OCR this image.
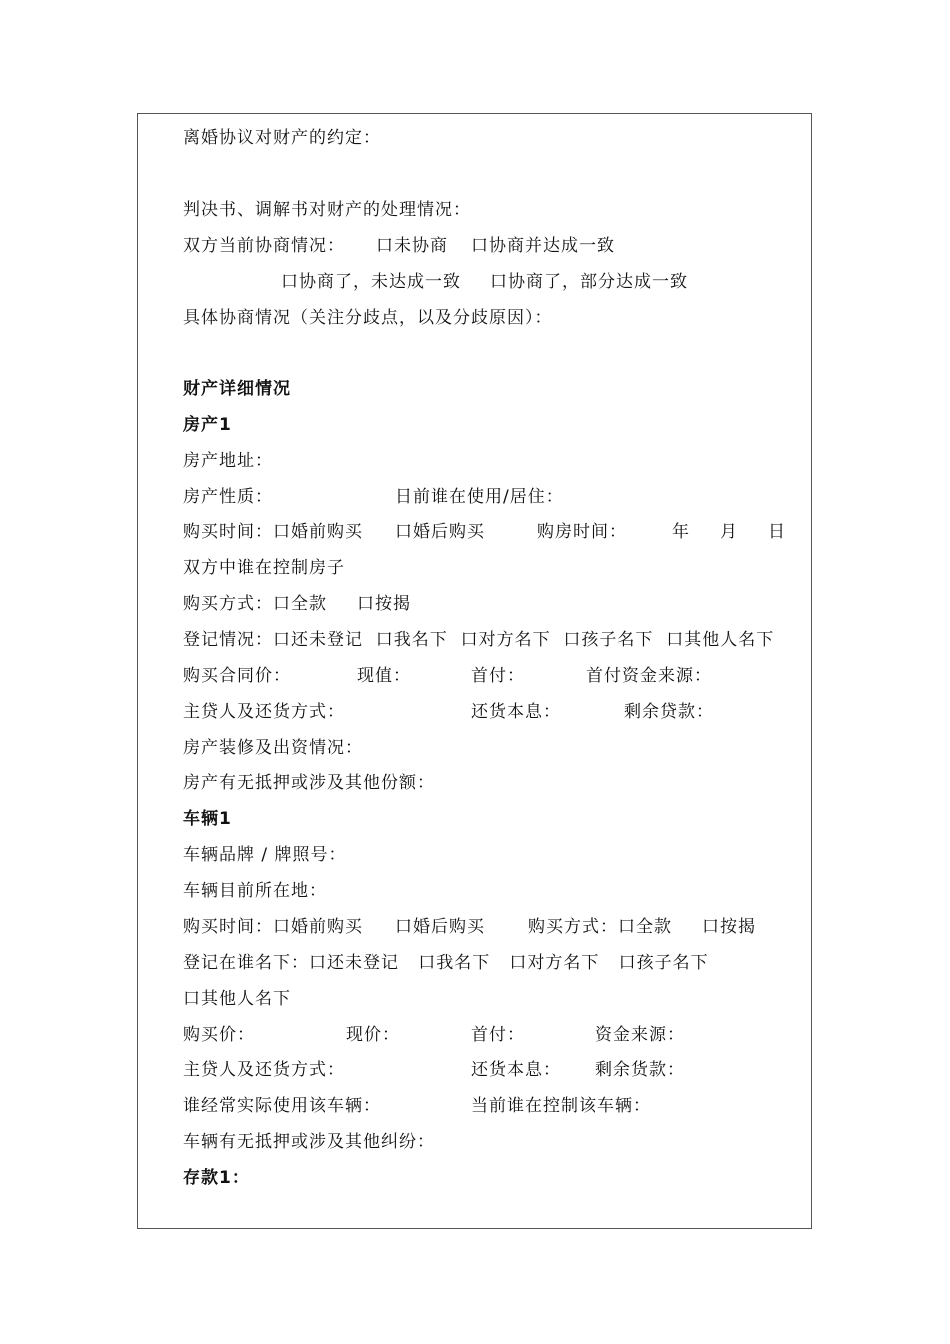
离婚协议对财产的约定：
判决书、调解书对财产的处理情况：
双方当前协商情况： 口未协商 口协商并达成一致
口协商了，未达成一致 口协商了，部分达成一致
具体协商情况（关注分歧点，以及分歧原因）：
财产详细情况
房产1
房产地址：
房产性质：	日前谁在使用/居住：
购买时间：口婚前购买 口婚后购买	购房时间：	年 月 日
双方中谁在控制房子
购买方式：口全款 口按揭
登记情况：口还未登记  口我名下  口对方名下  口孩子名下  口其他人名下
购买合同价：	现值：	首付：	首付资金来源：
主贷人及还货方式：	还货本息：	剩余贷款：
房产装修及出资情况：
房产有无抵押或涉及其他份额：
车辆1
车辆品牌 / 牌照号：
车辆目前所在地：
购买时间：口婚前购买 口婚后购买	购买方式：口全款 口按揭
登记在谁名下：口还未登记   口我名下   口对方名下   口孩子名下
口其他人名下
购买价：	现价：	首付：	资金来源：
主贷人及还货方式：	还货本息： 剩余货款：
谁经常实际使用该车辆：	当前谁在控制该车辆：
车辆有无抵押或涉及其他纠纷：
存款1：
